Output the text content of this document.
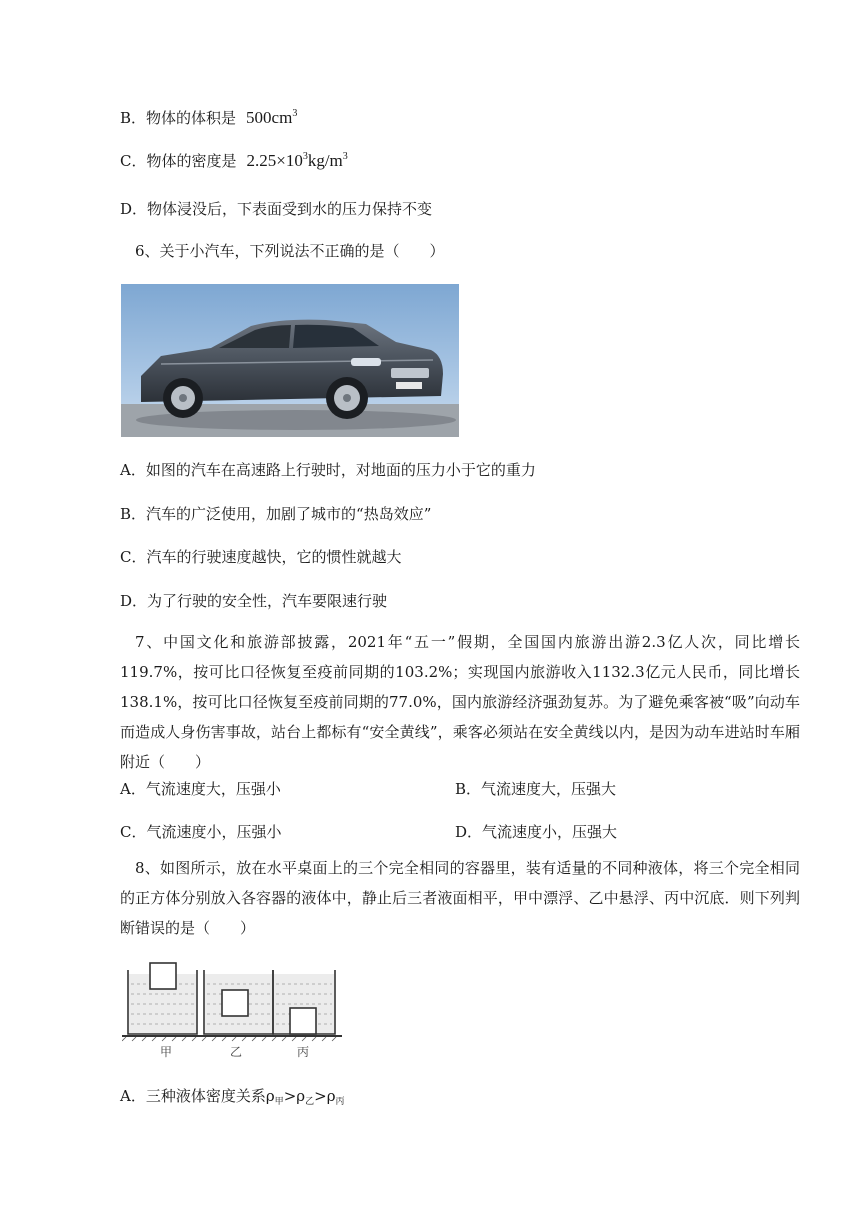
B．物体的体积是 $500cm^3$
C．物体的密度是 $2.25\times 10^3kg/m^3$
D．物体浸没后，下表面受到水的压力保持不变
6、关于小汽车，下列说法不正确的是（　　）
A．如图的汽车在高速路上行驶时，对地面的压力小于它的重力
B．汽车的广泛使用，加剧了城市的“热岛效应”
C．汽车的行驶速度越快，它的惯性就越大
D．为了行驶的安全性，汽车要限速行驶
7、中国文化和旅游部披露，2021年“五一”假期，全国国内旅游出游2.3亿人次，同比增长119.7%，按可比口径恢复至疫前同期的103.2%；实现国内旅游收入1132.3亿元人民币，同比增长138.1%，按可比口径恢复至疫前同期的77.0%，国内旅游经济强劲复苏。为了避免乘客被“吸”向动车而造成人身伤害事故，站台上都标有“安全黄线”，乘客必须站在安全黄线以内，是因为动车进站时车厢附近（　　）
A．气流速度大，压强小	B．气流速度大，压强大
C．气流速度小，压强小	D．气流速度小，压强大
8、如图所示，放在水平桌面上的三个完全相同的容器里，装有适量的不同种液体，将三个完全相同的正方体分别放入各容器的液体中，静止后三者液面相平，甲中漂浮、乙中悬浮、丙中沉底．则下列判断错误的是（　　）
甲	乙	丙
A．三种液体密度关系$\rho_甲>\rho_乙>\rho_丙$
